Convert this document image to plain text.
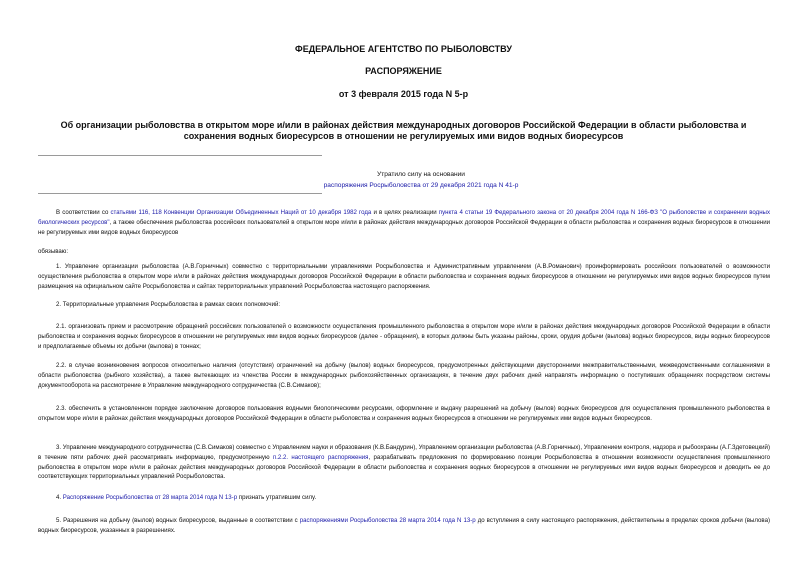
ФЕДЕРАЛЬНОЕ АГЕНТСТВО ПО РЫБОЛОВСТВУ
РАСПОРЯЖЕНИЕ
от 3 февраля 2015 года N 5-р
Об организации рыболовства в открытом море и/или в районах действия международных договоров Российской Федерации в области рыболовства и сохранения водных биоресурсов в отношении не регулируемых ими видов водных биоресурсов
Утратило силу на основании
распоряжения Росрыболовства от 29 декабря 2021 года N 41-р
В соответствии со статьями 116, 118 Конвенции Организации Объединенных Наций от 10 декабря 1982 года и в целях реализации пункта 4 статьи 19 Федерального закона от 20 декабря 2004 года N 166-ФЗ "О рыболовстве и сохранении водных биологических ресурсов", а также обеспечения рыболовства российских пользователей в открытом море и/или в районах действия международных договоров Российской Федерации в области рыболовства и сохранения водных биоресурсов в отношении не регулируемых ими видов водных биоресурсов
обязываю:
1. Управление организации рыболовства (А.В.Горничных) совместно с территориальными управлениями Росрыболовства и Административным управлением (А.В.Романович) проинформировать российских пользователей о возможности осуществления рыболовства в открытом море и/или в районах действия международных договоров Российской Федерации в области рыболовства и сохранения водных биоресурсов в отношении не регулируемых ими видов водных биоресурсов путем размещения на официальном сайте Росрыболовства и сайтах территориальных управлений Росрыболовства настоящего распоряжения.
2. Территориальные управления Росрыболовства в рамках своих полномочий:
2.1. организовать прием и рассмотрение обращений российских пользователей о возможности осуществления промышленного рыболовства в открытом море и/или в районах действия международных договоров Российской Федерации в области рыболовства и сохранения водных биоресурсов в отношении не регулируемых ими видов водных биоресурсов (далее - обращения), в которых должны быть указаны районы, сроки, орудия добычи (вылова) водных биоресурсов, виды водных биоресурсов и предполагаемые объемы их добычи (вылова) в тоннах;
2.2. в случае возникновения вопросов относительно наличия (отсутствия) ограничений на добычу (вылов) водных биоресурсов, предусмотренных действующими двусторонними межправительственными, межведомственными соглашениями в области рыболовства (рыбного хозяйства), а также вытекающих из членства России в международных рыбохозяйственных организациях, в течение двух рабочих дней направлять информацию о поступивших обращениях посредством системы документооборота на рассмотрение в Управление международного сотрудничества (С.В.Симаков);
2.3. обеспечить в установленном порядке заключение договоров пользования водными биологическими ресурсами, оформление и выдачу разрешений на добычу (вылов) водных биоресурсов для осуществления промышленного рыболовства в открытом море и/или в районах действия международных договоров Российской Федерации в области рыболовства и сохранения водных биоресурсов в отношении не регулируемых ими видов водных биоресурсов.
3. Управление международного сотрудничества (С.В.Симаков) совместно с Управлением науки и образования (К.В.Бандурин), Управлением организации рыболовства (А.В.Горничных), Управлением контроля, надзора и рыбоохраны (А.Г.Здетовецкий) в течение пяти рабочих дней рассматривать информацию, предусмотренную п.2.2. настоящего распоряжения, разрабатывать предложения по формированию позиции Росрыболовства в отношении возможности осуществления промышленного рыболовства в открытом море и/или в районах действия международных договоров Российской Федерации в области рыболовства и сохранения водных биоресурсов в отношении не регулируемых ими видов водных биоресурсов и доводить ее до соответствующих территориальных управлений Росрыболовства.
4. Распоряжение Росрыболовства от 28 марта 2014 года N 13-р признать утратившим силу.
5. Разрешения на добычу (вылов) водных биоресурсов, выданные в соответствии с распоряжениями Росрыболовства 28 марта 2014 года N 13-р до вступления в силу настоящего распоряжения, действительны в пределах сроков добычи (вылова) водных биоресурсов, указанных в разрешениях.
